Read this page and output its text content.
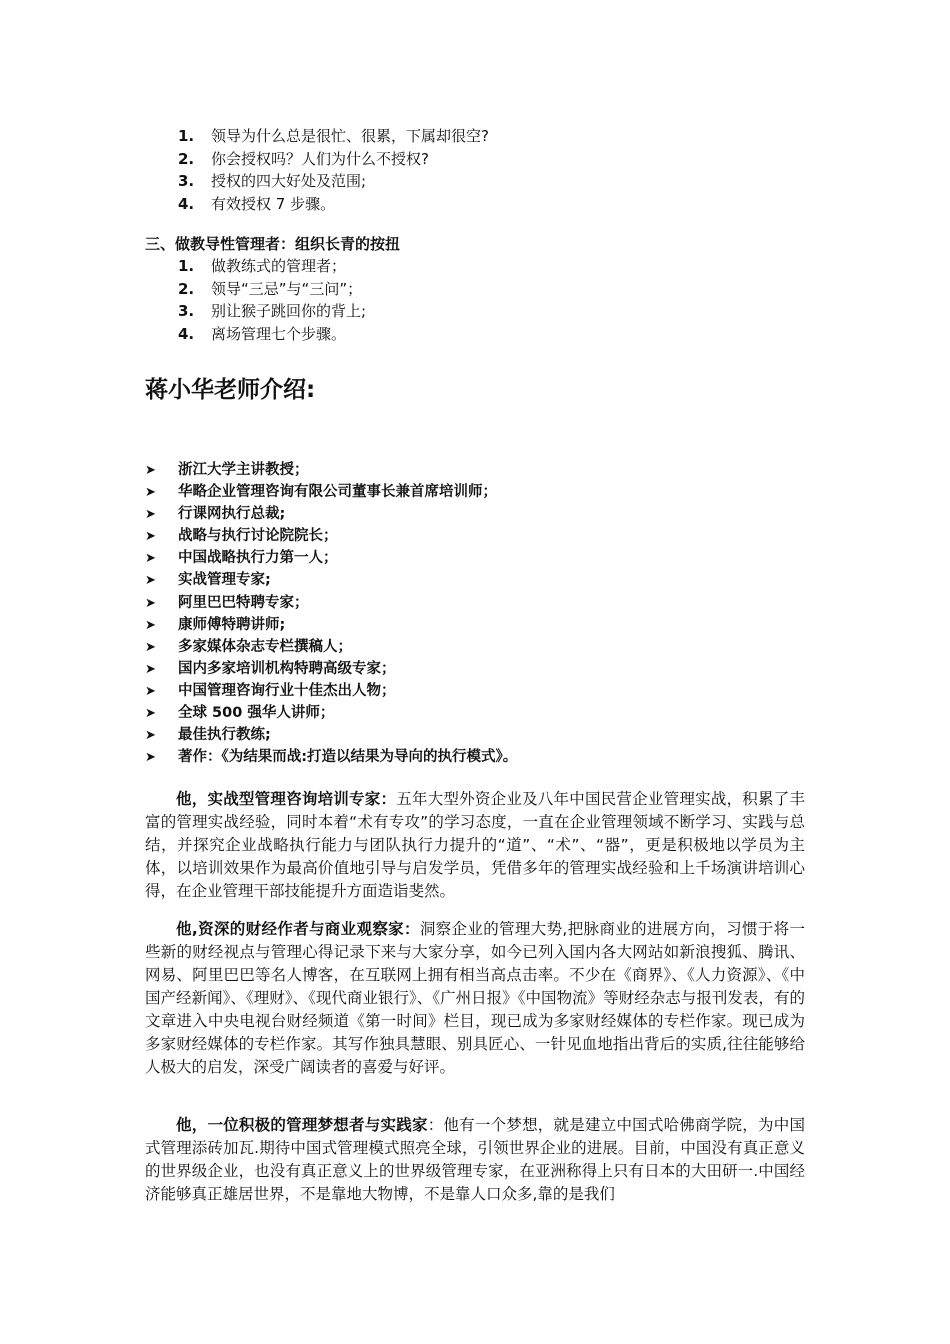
1. 领导为什么总是很忙、很累，下属却很空?
2. 你会授权吗？人们为什么不授权?
3. 授权的四大好处及范围;
4. 有效授权 7 步骤。
三、做教导性管理者：组织长青的按扭
1. 做教练式的管理者；
2. 领导“三忌”与“三问”；
3. 别让猴子跳回你的背上;
4. 离场管理七个步骤。
蒋小华老师介绍:
➤ 浙江大学主讲教授；
➤ 华略企业管理咨询有限公司董事长兼首席培训师；
➤ 行课网执行总裁;
➤ 战略与执行讨论院院长；
➤ 中国战略执行力第一人；
➤ 实战管理专家;
➤ 阿里巴巴特聘专家；
➤ 康师傅特聘讲师;
➤ 多家媒体杂志专栏撰稿人；
➤ 国内多家培训机构特聘高级专家；
➤ 中国管理咨询行业十佳杰出人物；
➤ 全球 500 强华人讲师；
➤ 最佳执行教练;
➤ 著作：《为结果而战:打造以结果为导向的执行模式》。

他，实战型管理咨询培训专家：五年大型外资企业及八年中国民营企业管理实战，积累了丰富的管理实战经验，同时本着“术有专攻”的学习态度，一直在企业管理领域不断学习、实践与总结，并探究企业战略执行能力与团队执行力提升的“道”、“术”、“器”，更是积极地以学员为主体，以培训效果作为最高价值地引导与启发学员，凭借多年的管理实战经验和上千场演讲培训心得，在企业管理干部技能提升方面造诣斐然。

他,资深的财经作者与商业观察家：洞察企业的管理大势,把脉商业的进展方向，习惯于将一些新的财经视点与管理心得记录下来与大家分享，如今已列入国内各大网站如新浪搜狐、腾讯、网易、阿里巴巴等名人博客，在互联网上拥有相当高点击率。不少在《商界》、《人力资源》、《中国产经新闻》、《理财》、《现代商业银行》、《广州日报》《中国物流》等财经杂志与报刊发表，有的文章进入中央电视台财经频道《第一时间》栏目，现已成为多家财经媒体的专栏作家。现已成为多家财经媒体的专栏作家。其写作独具慧眼、别具匠心、一针见血地指出背后的实质,往往能够给人极大的启发，深受广阔读者的喜爱与好评。

他，一位积极的管理梦想者与实践家：他有一个梦想，就是建立中国式哈佛商学院，为中国式管理添砖加瓦.期待中国式管理模式照亮全球，引领世界企业的进展。目前，中国没有真正意义的世界级企业，也没有真正意义上的世界级管理专家，在亚洲称得上只有日本的大田研一.中国经济能够真正雄居世界，不是靠地大物博，不是靠人口众多,靠的是我们
